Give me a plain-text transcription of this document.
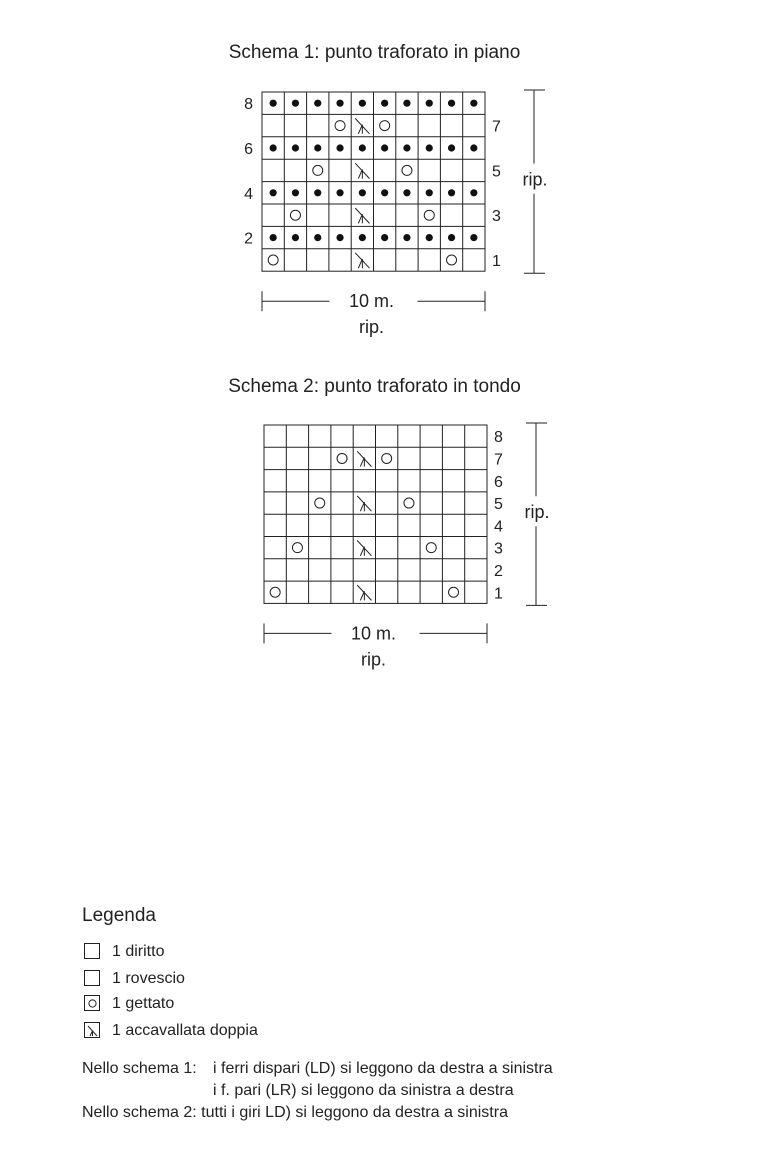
Schema 1: punto traforato in piano
Schema 2: punto traforato in tondo
8
6
4
2
7
5
3
1
rip.
10 m.
rip.
8
7
6
5
4
3
2
1
rip.
10 m.
rip.
Legenda
1 diritto
1 rovescio
1 gettato
1 accavallata doppia
Nello schema 1: i ferri dispari (LD) si leggono da destra a sinistra
i f. pari (LR) si leggono da sinistra a destra
Nello schema 2: tutti i giri LD) si leggono da destra a sinistra
